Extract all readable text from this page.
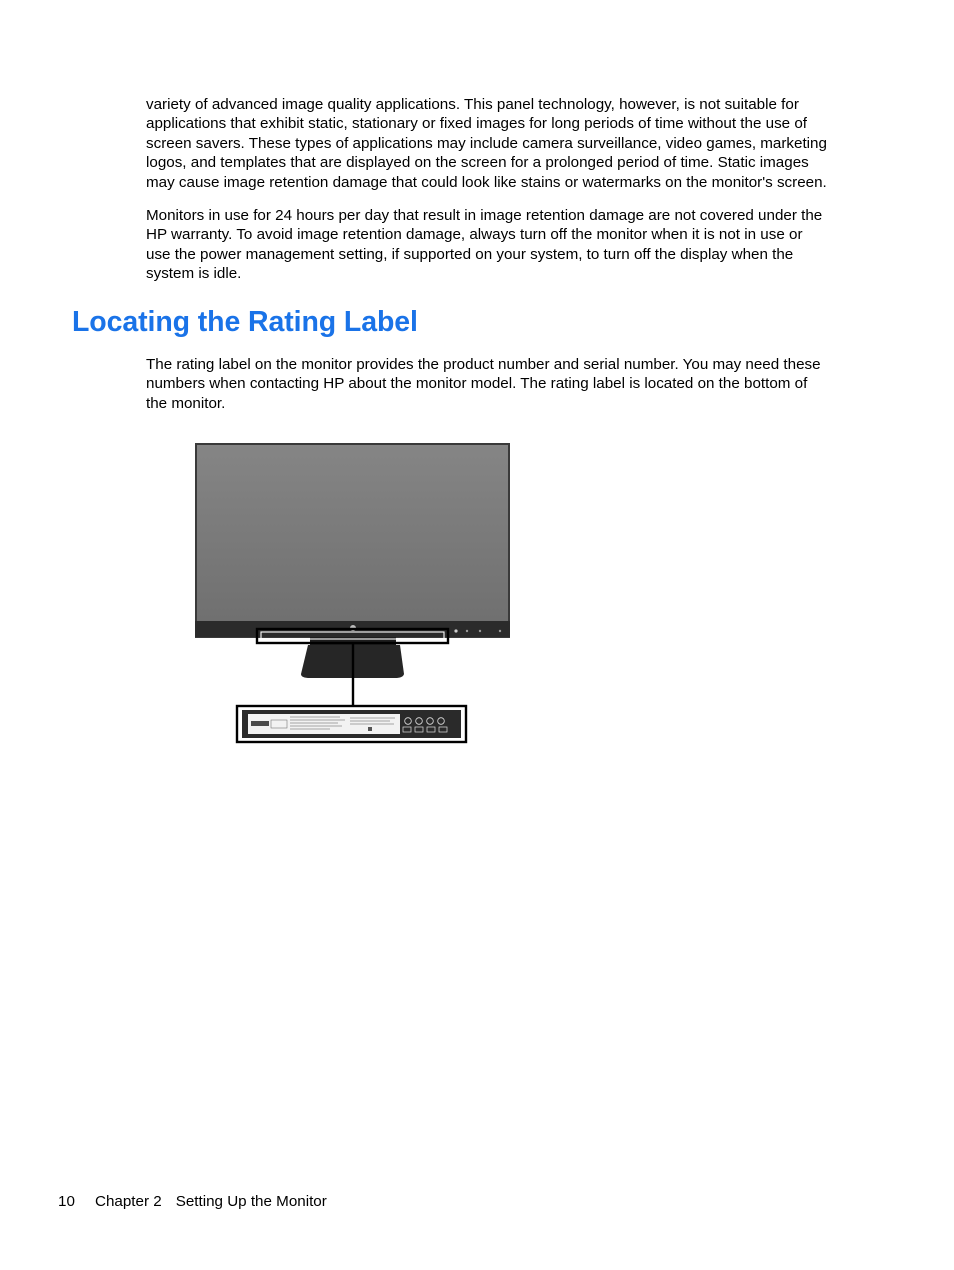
variety of advanced image quality applications. This panel technology, however, is not suitable for
applications that exhibit static, stationary or fixed images for long periods of time without the use of
screen savers. These types of applications may include camera surveillance, video games, marketing
logos, and templates that are displayed on the screen for a prolonged period of time. Static images
may cause image retention damage that could look like stains or watermarks on the monitor's screen.

Monitors in use for 24 hours per day that result in image retention damage are not covered under the
HP warranty. To avoid image retention damage, always turn off the monitor when it is not in use or
use the power management setting, if supported on your system, to turn off the display when the
system is idle.

Locating the Rating Label

The rating label on the monitor provides the product number and serial number. You may need these
numbers when contacting HP about the monitor model. The rating label is located on the bottom of
the monitor.

10 Chapter 2 Setting Up the Monitor
